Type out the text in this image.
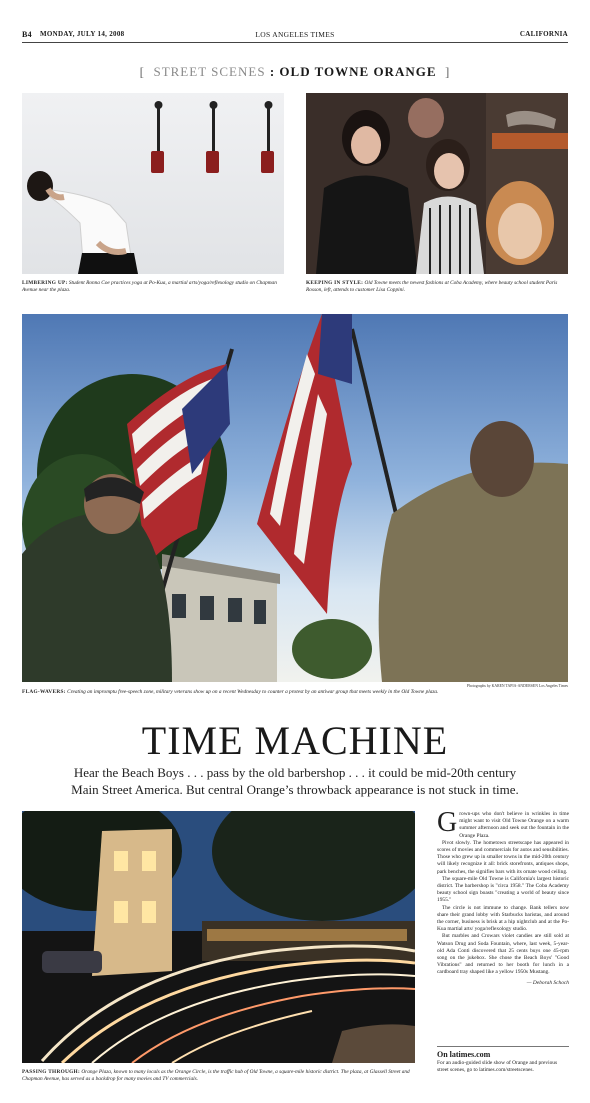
B4 MONDAY, JULY 14, 2008	LOS ANGELES TIMES	CALIFORNIA
[ STREET SCENES : OLD TOWNE ORANGE ]
LIMBERING UP: Student Ronna Coe practices yoga at Po-Kua, a martial arts/yoga/reflexology studio on Chapman Avenue near the plaza.
KEEPING IN STYLE: Old Towne meets the newest fashions at Coba Academy, where beauty school student Paris Rosson, left, attends to customer Lisa Coppini.
Photographs by KAREN TAPIA-ANDERSEN Los Angeles Times
FLAG-WAVERS: Creating an impromptu free-speech zone, military veterans show up on a recent Wednesday to counter a protest by an antiwar group that meets weekly in the Old Towne plaza.
TIME MACHINE
Hear the Beach Boys . . . pass by the old barbershop . . . it could be mid-20th century
Main Street America. But central Orange’s throwback appearance is not stuck in time.
PASSING THROUGH: Orange Plaza, known to many locals as the Orange Circle, is the traffic hub of Old Towne, a square-mile historic district. The plaza, at Glassell Street and Chapman Avenue, has served as a backdrop for many movies and TV commercials.
G rown-ups who don't believe in wrinkles in time might want to visit Old Towne Orange on a warm summer afternoon and seek out the fountain in the Orange Plaza.

Pivot slowly. The hometown streetscape has appeared in scores of movies and commercials for autos and sensibilities. Those who grew up in smaller towns in the mid-20th century will likely recognize it all: brick storefronts, antiques shops, park benches, the signifies bars with its ornate wood ceiling.

The square-mile Old Towne is California's largest historic district. The barbershop is "circa 1958." The Coba Academy beauty school sign boasts "creating a world of beauty since 1955."

The circle is not immune to change. Bank tellers now share their grand lobby with Starbucks baristas, and around the corner, business is brisk at a hip nightclub and at the Po-Kua martial arts/ yoga/reflexology studio.

But marbles and Crowars violet candies are still sold at Watson Drug and Soda Fountain, where, last week, 5-year-old Ada Conti discovered that 25 cents buys one 45-rpm song on the jukebox. She chose the Beach Boys' "Good Vibrations" and returned to her booth for lunch in a cardboard tray shaped like a yellow 1950s Mustang.

— Deborah Schoch
On latimes.com
For an audio-guided slide show of Orange and previous street scenes, go to latimes.com/streetscenes.
